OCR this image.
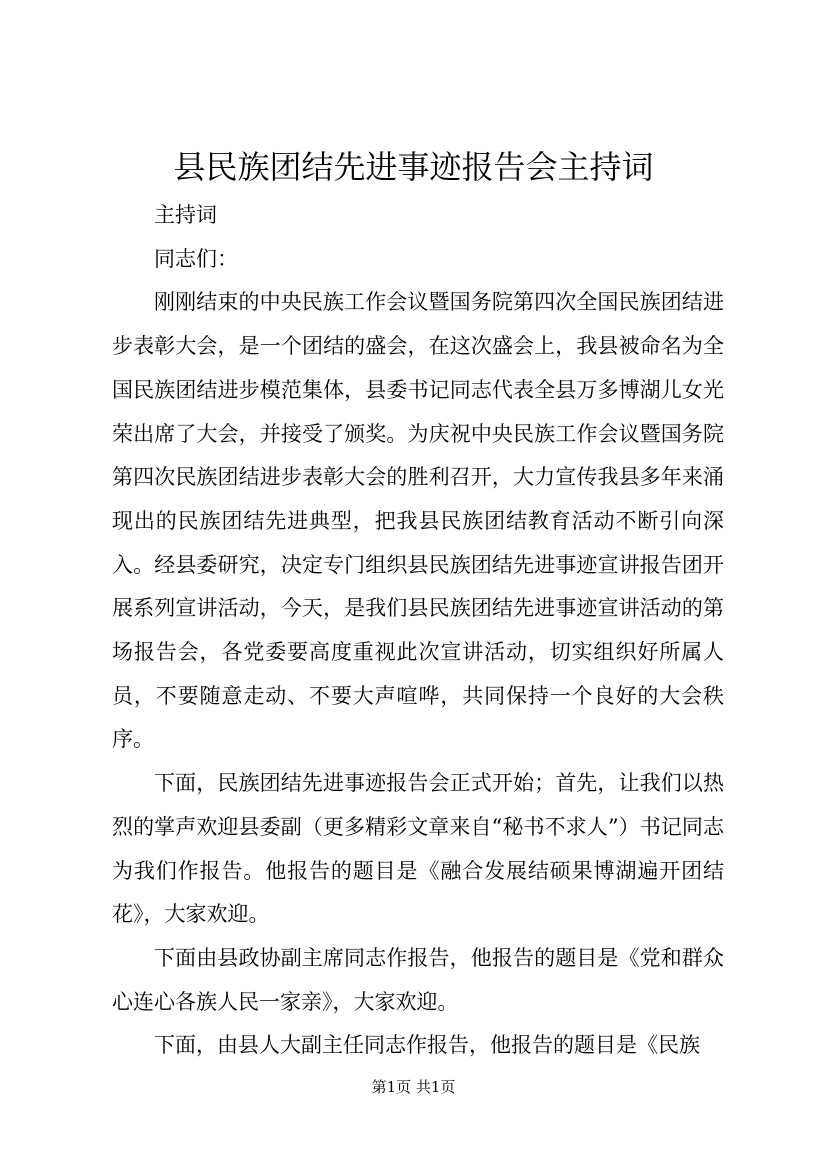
县民族团结先进事迹报告会主持词

主持词

同志们：

刚刚结束的中央民族工作会议暨国务院第四次全国民族团结进步表彰大会，是一个团结的盛会，在这次盛会上，我县被命名为全国民族团结进步模范集体，县委书记同志代表全县万多博湖儿女光荣出席了大会，并接受了颁奖。为庆祝中央民族工作会议暨国务院第四次民族团结进步表彰大会的胜利召开，大力宣传我县多年来涌现出的民族团结先进典型，把我县民族团结教育活动不断引向深入。经县委研究，决定专门组织县民族团结先进事迹宣讲报告团开展系列宣讲活动，今天，是我们县民族团结先进事迹宣讲活动的第场报告会，各党委要高度重视此次宣讲活动，切实组织好所属人员，不要随意走动、不要大声喧哗，共同保持一个良好的大会秩序。

下面，民族团结先进事迹报告会正式开始；首先，让我们以热烈的掌声欢迎县委副（更多精彩文章来自“秘书不求人”）书记同志为我们作报告。他报告的题目是《融合发展结硕果博湖遍开团结花》，大家欢迎。

下面由县政协副主席同志作报告，他报告的题目是《党和群众心连心各族人民一家亲》，大家欢迎。

下面，由县人大副主任同志作报告，他报告的题目是《民族

第1页 共1页
